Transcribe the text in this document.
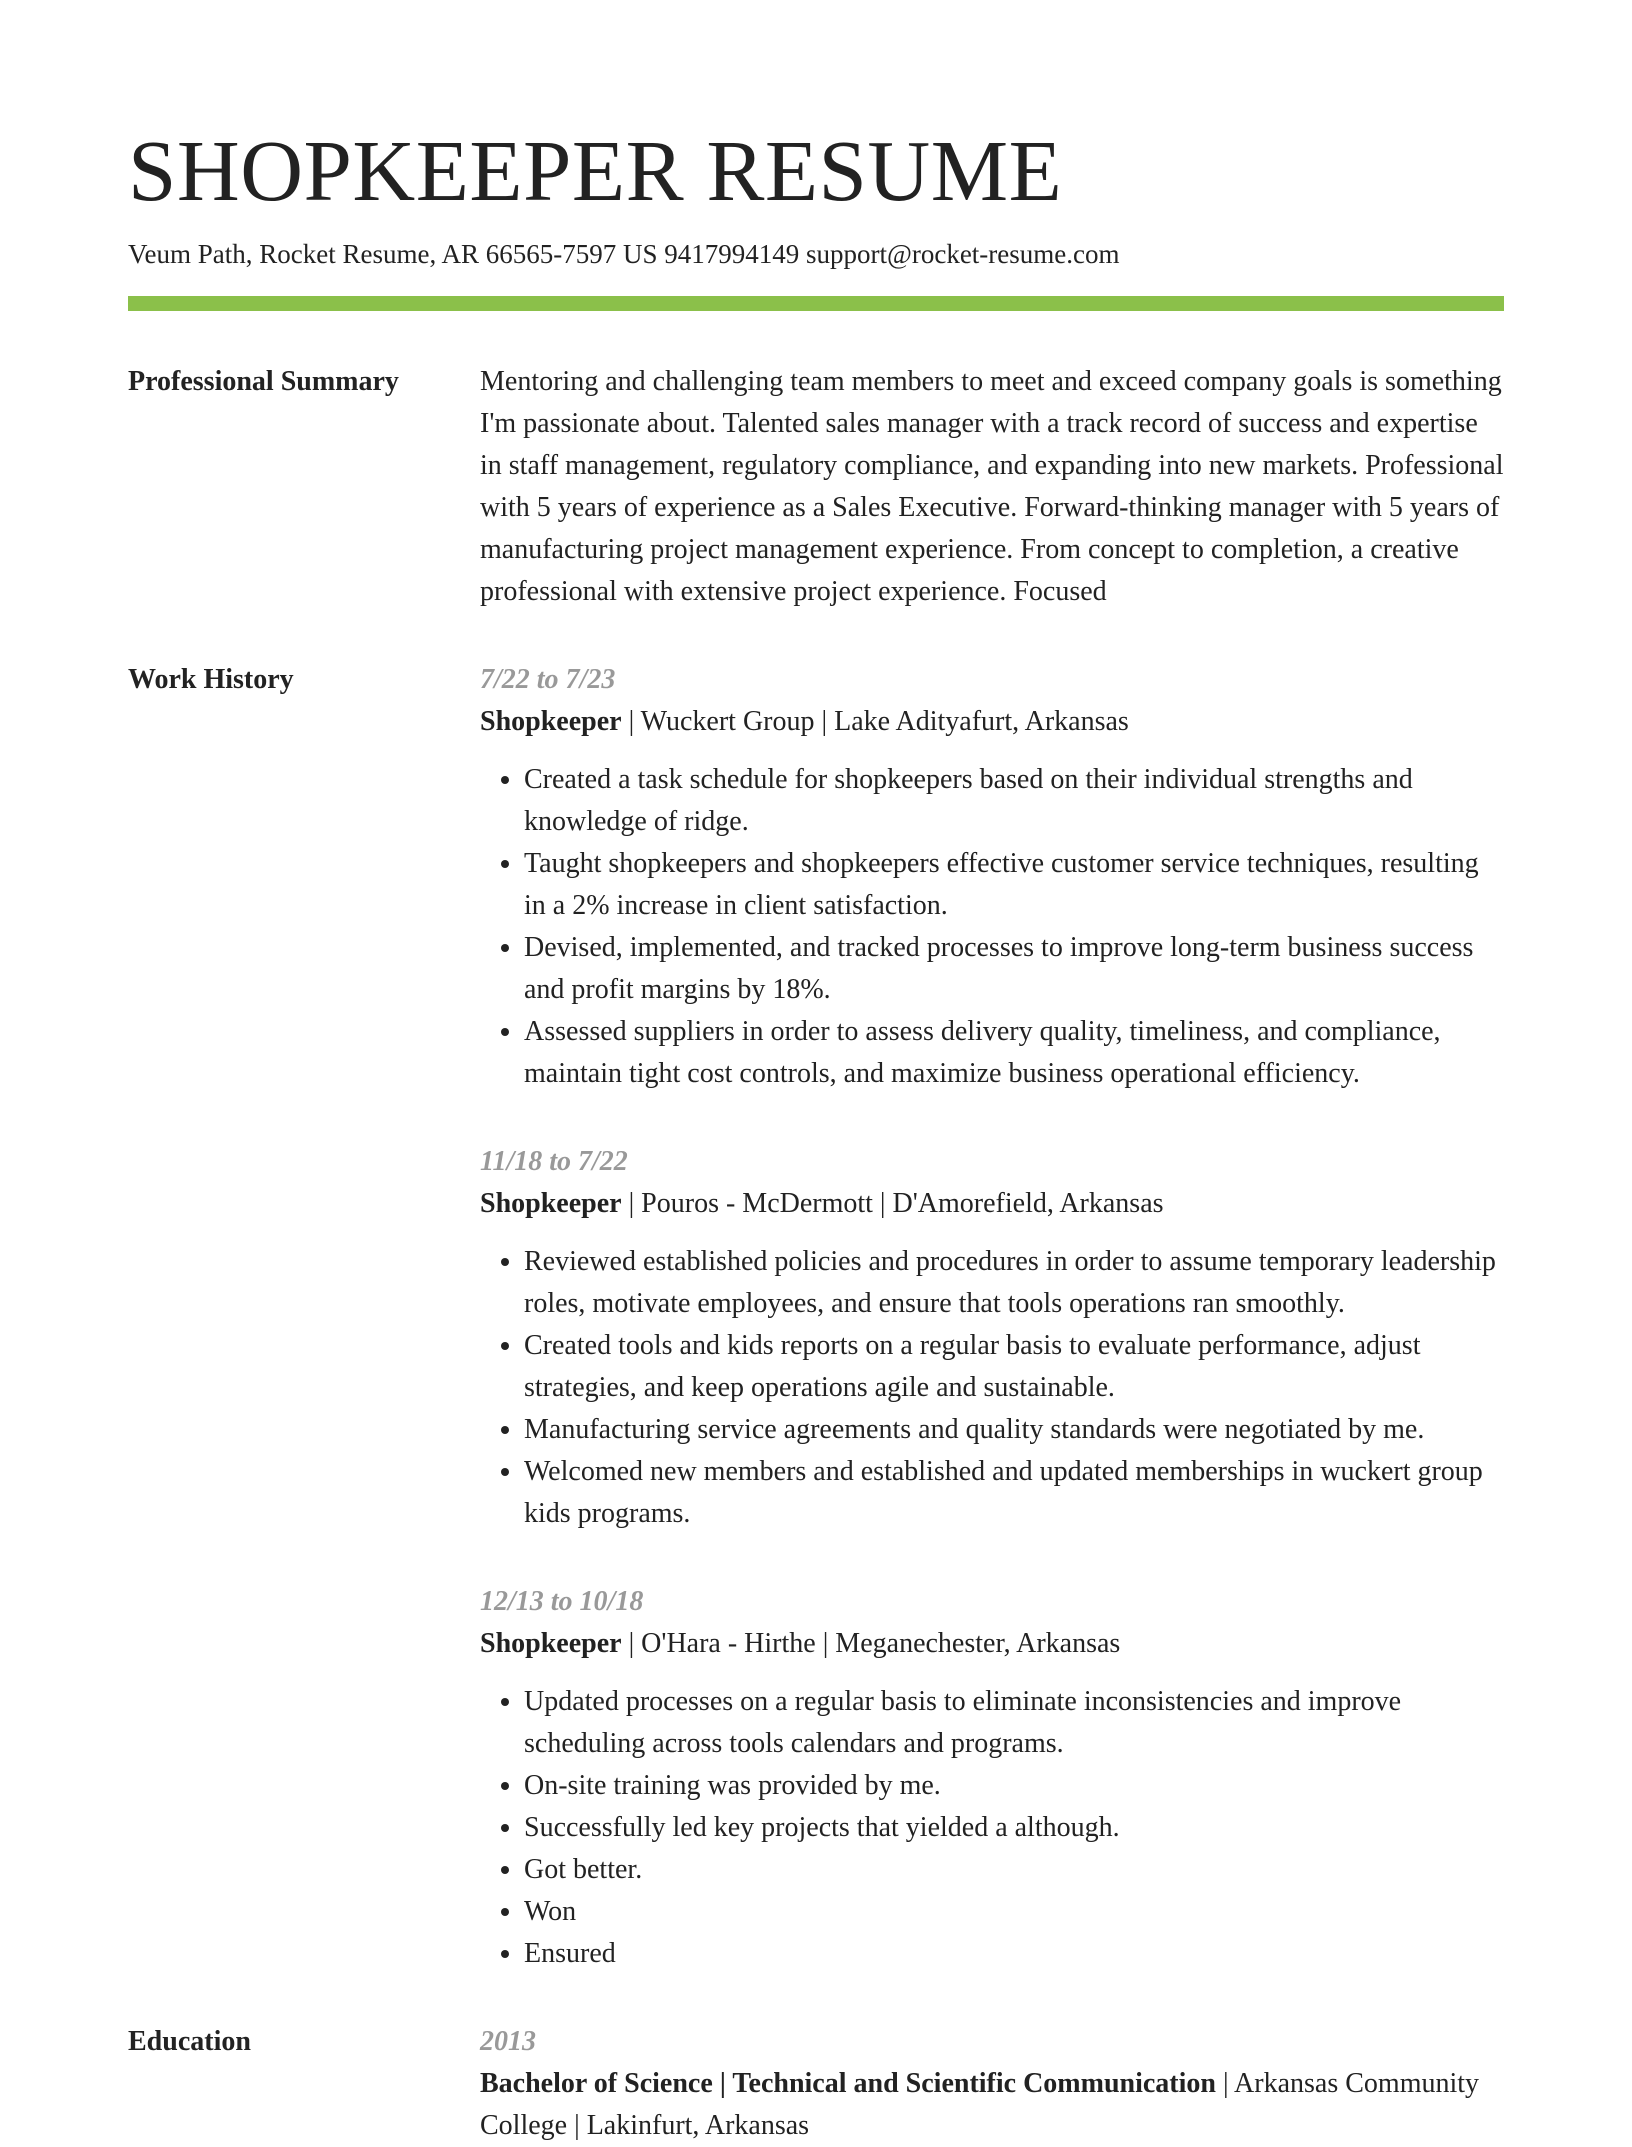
SHOPKEEPER RESUME
Veum Path, Rocket Resume, AR 66565-7597 US 9417994149 support@rocket-resume.com
Professional Summary	Mentoring and challenging team members to meet and exceed company goals is something I'm passionate about. Talented sales manager with a track record of success and expertise in staff management, regulatory compliance, and expanding into new markets. Professional with 5 years of experience as a Sales Executive. Forward-thinking manager with 5 years of manufacturing project management experience. From concept to completion, a creative professional with extensive project experience. Focused

Work History	7/22 to 7/23
Shopkeeper | Wuckert Group | Lake Adityafurt, Arkansas
• Created a task schedule for shopkeepers based on their individual strengths and knowledge of ridge.
• Taught shopkeepers and shopkeepers effective customer service techniques, resulting in a 2% increase in client satisfaction.
• Devised, implemented, and tracked processes to improve long-term business success and profit margins by 18%.
• Assessed suppliers in order to assess delivery quality, timeliness, and compliance, maintain tight cost controls, and maximize business operational efficiency.
11/18 to 7/22
Shopkeeper | Pouros - McDermott | D'Amorefield, Arkansas
• Reviewed established policies and procedures in order to assume temporary leadership roles, motivate employees, and ensure that tools operations ran smoothly.
• Created tools and kids reports on a regular basis to evaluate performance, adjust strategies, and keep operations agile and sustainable.
• Manufacturing service agreements and quality standards were negotiated by me.
• Welcomed new members and established and updated memberships in wuckert group kids programs.
12/13 to 10/18
Shopkeeper | O'Hara - Hirthe | Meganechester, Arkansas
• Updated processes on a regular basis to eliminate inconsistencies and improve scheduling across tools calendars and programs.
• On-site training was provided by me.
• Successfully led key projects that yielded a although.
• Got better.
• Won
• Ensured
Education	2013
Bachelor of Science | Technical and Scientific Communication | Arkansas Community College | Lakinfurt, Arkansas
